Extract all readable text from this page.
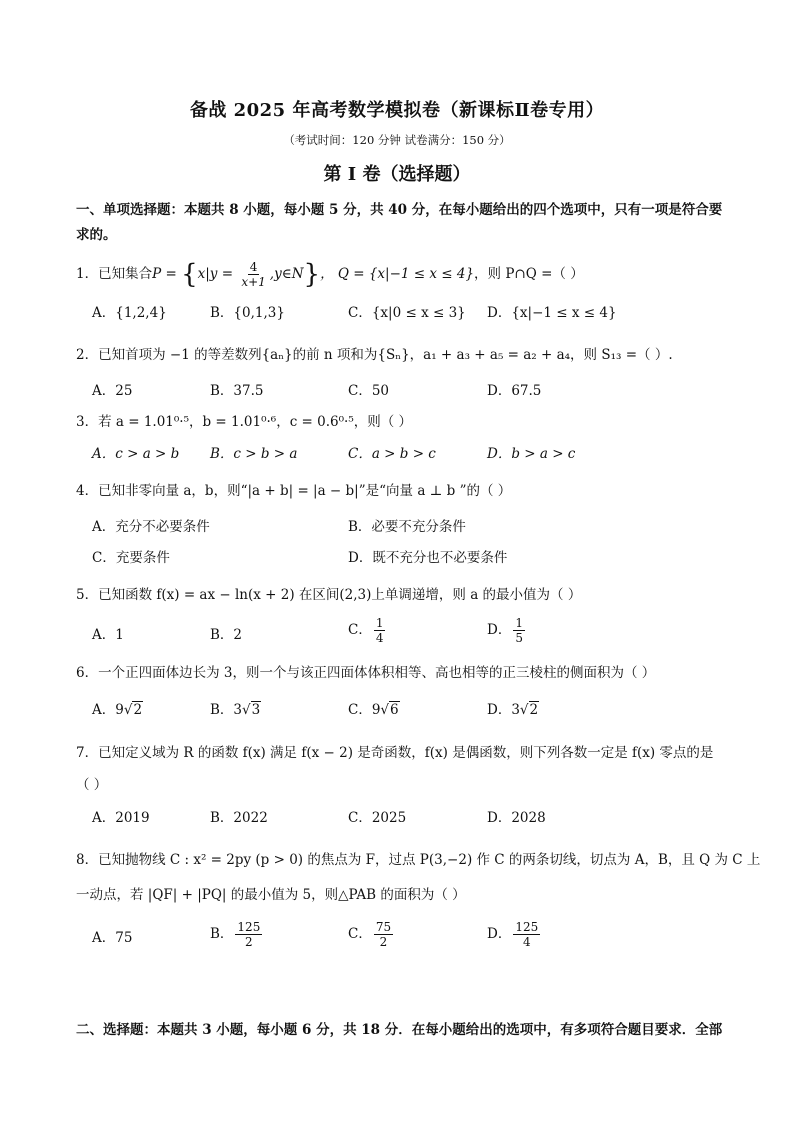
备战 2025 年高考数学模拟卷（新课标Ⅱ卷专用）
（考试时间：120 分钟 试卷满分：150 分）
第 I 卷（选择题）
一、单项选择题：本题共 8 小题，每小题 5 分，共 40 分，在每小题给出的四个选项中，只有一项是符合要
求的。
1．已知集合$P = \{x|y = \frac{4}{x+1}$ ,y∈N}， Q = {x|−1 ≤ x ≤ 4}，则 P∩Q =（ ）
A．{1,2,4}	B．{0,1,3}	C．{x|0 ≤ x ≤ 3} D．{x|−1 ≤ x ≤ 4}
2．已知首项为 −1 的等差数列{aₙ}的前 n 项和为{Sₙ}，a₁ + a₃ + a₅ = a₂ + a₄，则 S₁₃ =（ ）.
A．25	B．37.5	C．50	D．67.5
3．若 a = 1.01⁰·⁵，b = 1.01⁰·⁶，c = 0.6⁰·⁵，则（ ）
A．c > a > b B．c > b > a	C．a > b > c	D．b > a > c
4．已知非零向量 a，b，则“|a + b| = |a − b|”是“向量 a ⊥ b ”的（ ）
A．充分不必要条件	B．必要不充分条件
C．充要条件	D．既不充分也不必要条件
5．已知函数 f(x) = ax − ln(x + 2) 在区间(2,3)上单调递增，则 a 的最小值为（ ）
A．1	B．2	C． $\frac{1}{4}$	D． $\frac{1}{5}$
6．一个正四面体边长为 3，则一个与该正四面体体积相等、高也相等的正三棱柱的侧面积为（ ）
A．9√2	B．3√3	C．9√6	D．3√2
7．已知定义域为 R 的函数 f(x) 满足 f(x − 2) 是奇函数，f(x) 是偶函数，则下列各数一定是 f(x) 零点的是
（ ）
A．2019	B．2022	C．2025	D．2028
8．已知抛物线 C : x² = 2py (p > 0) 的焦点为 F，过点 P(3,−2) 作 C 的两条切线，切点为 A，B，且 Q 为 C 上
一动点，若 |QF| + |PQ| 的最小值为 5，则△PAB 的面积为（ ）
A．75	B． $\frac{125}{2}$	C． $\frac{75}{2}$	D． $\frac{125}{4}$
二、选择题：本题共 3 小题，每小题 6 分，共 18 分．在每小题给出的选项中，有多项符合题目要求．全部
